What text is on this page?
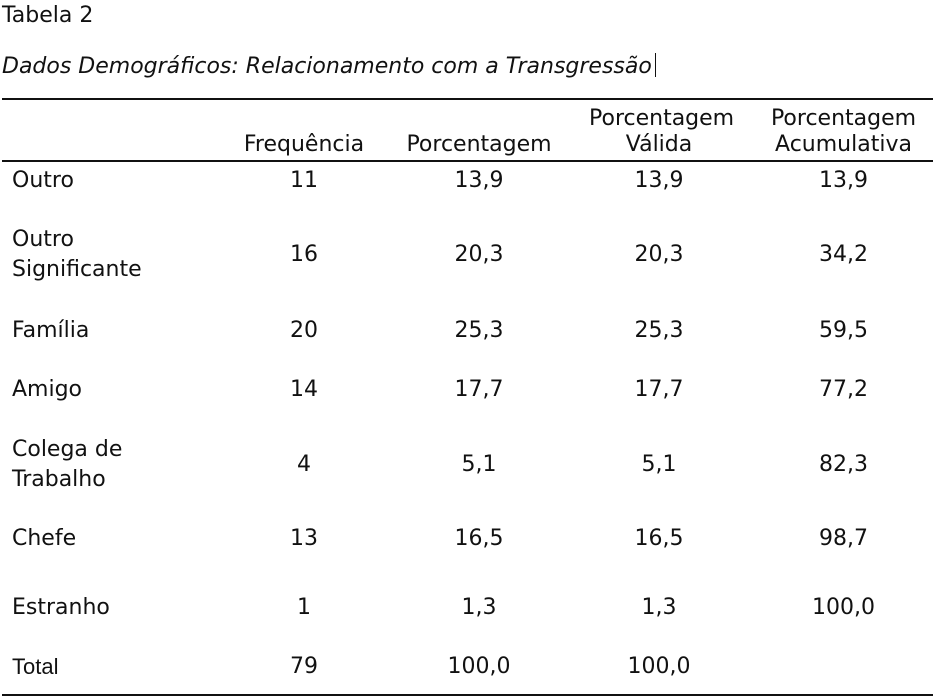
Tabela 2
Dados Demográficos: Relacionamento com a Transgressão
	Frequência	Porcentagem	Porcentagem Válida	Porcentagem Acumulativa
Outro	11	13,9	13,9	13,9
Outro Significante	16	20,3	20,3	34,2
Família	20	25,3	25,3	59,5
Amigo	14	17,7	17,7	77,2
Colega de Trabalho	4	5,1	5,1	82,3
Chefe	13	16,5	16,5	98,7
Estranho	1	1,3	1,3	100,0
Total	79	100,0	100,0	
